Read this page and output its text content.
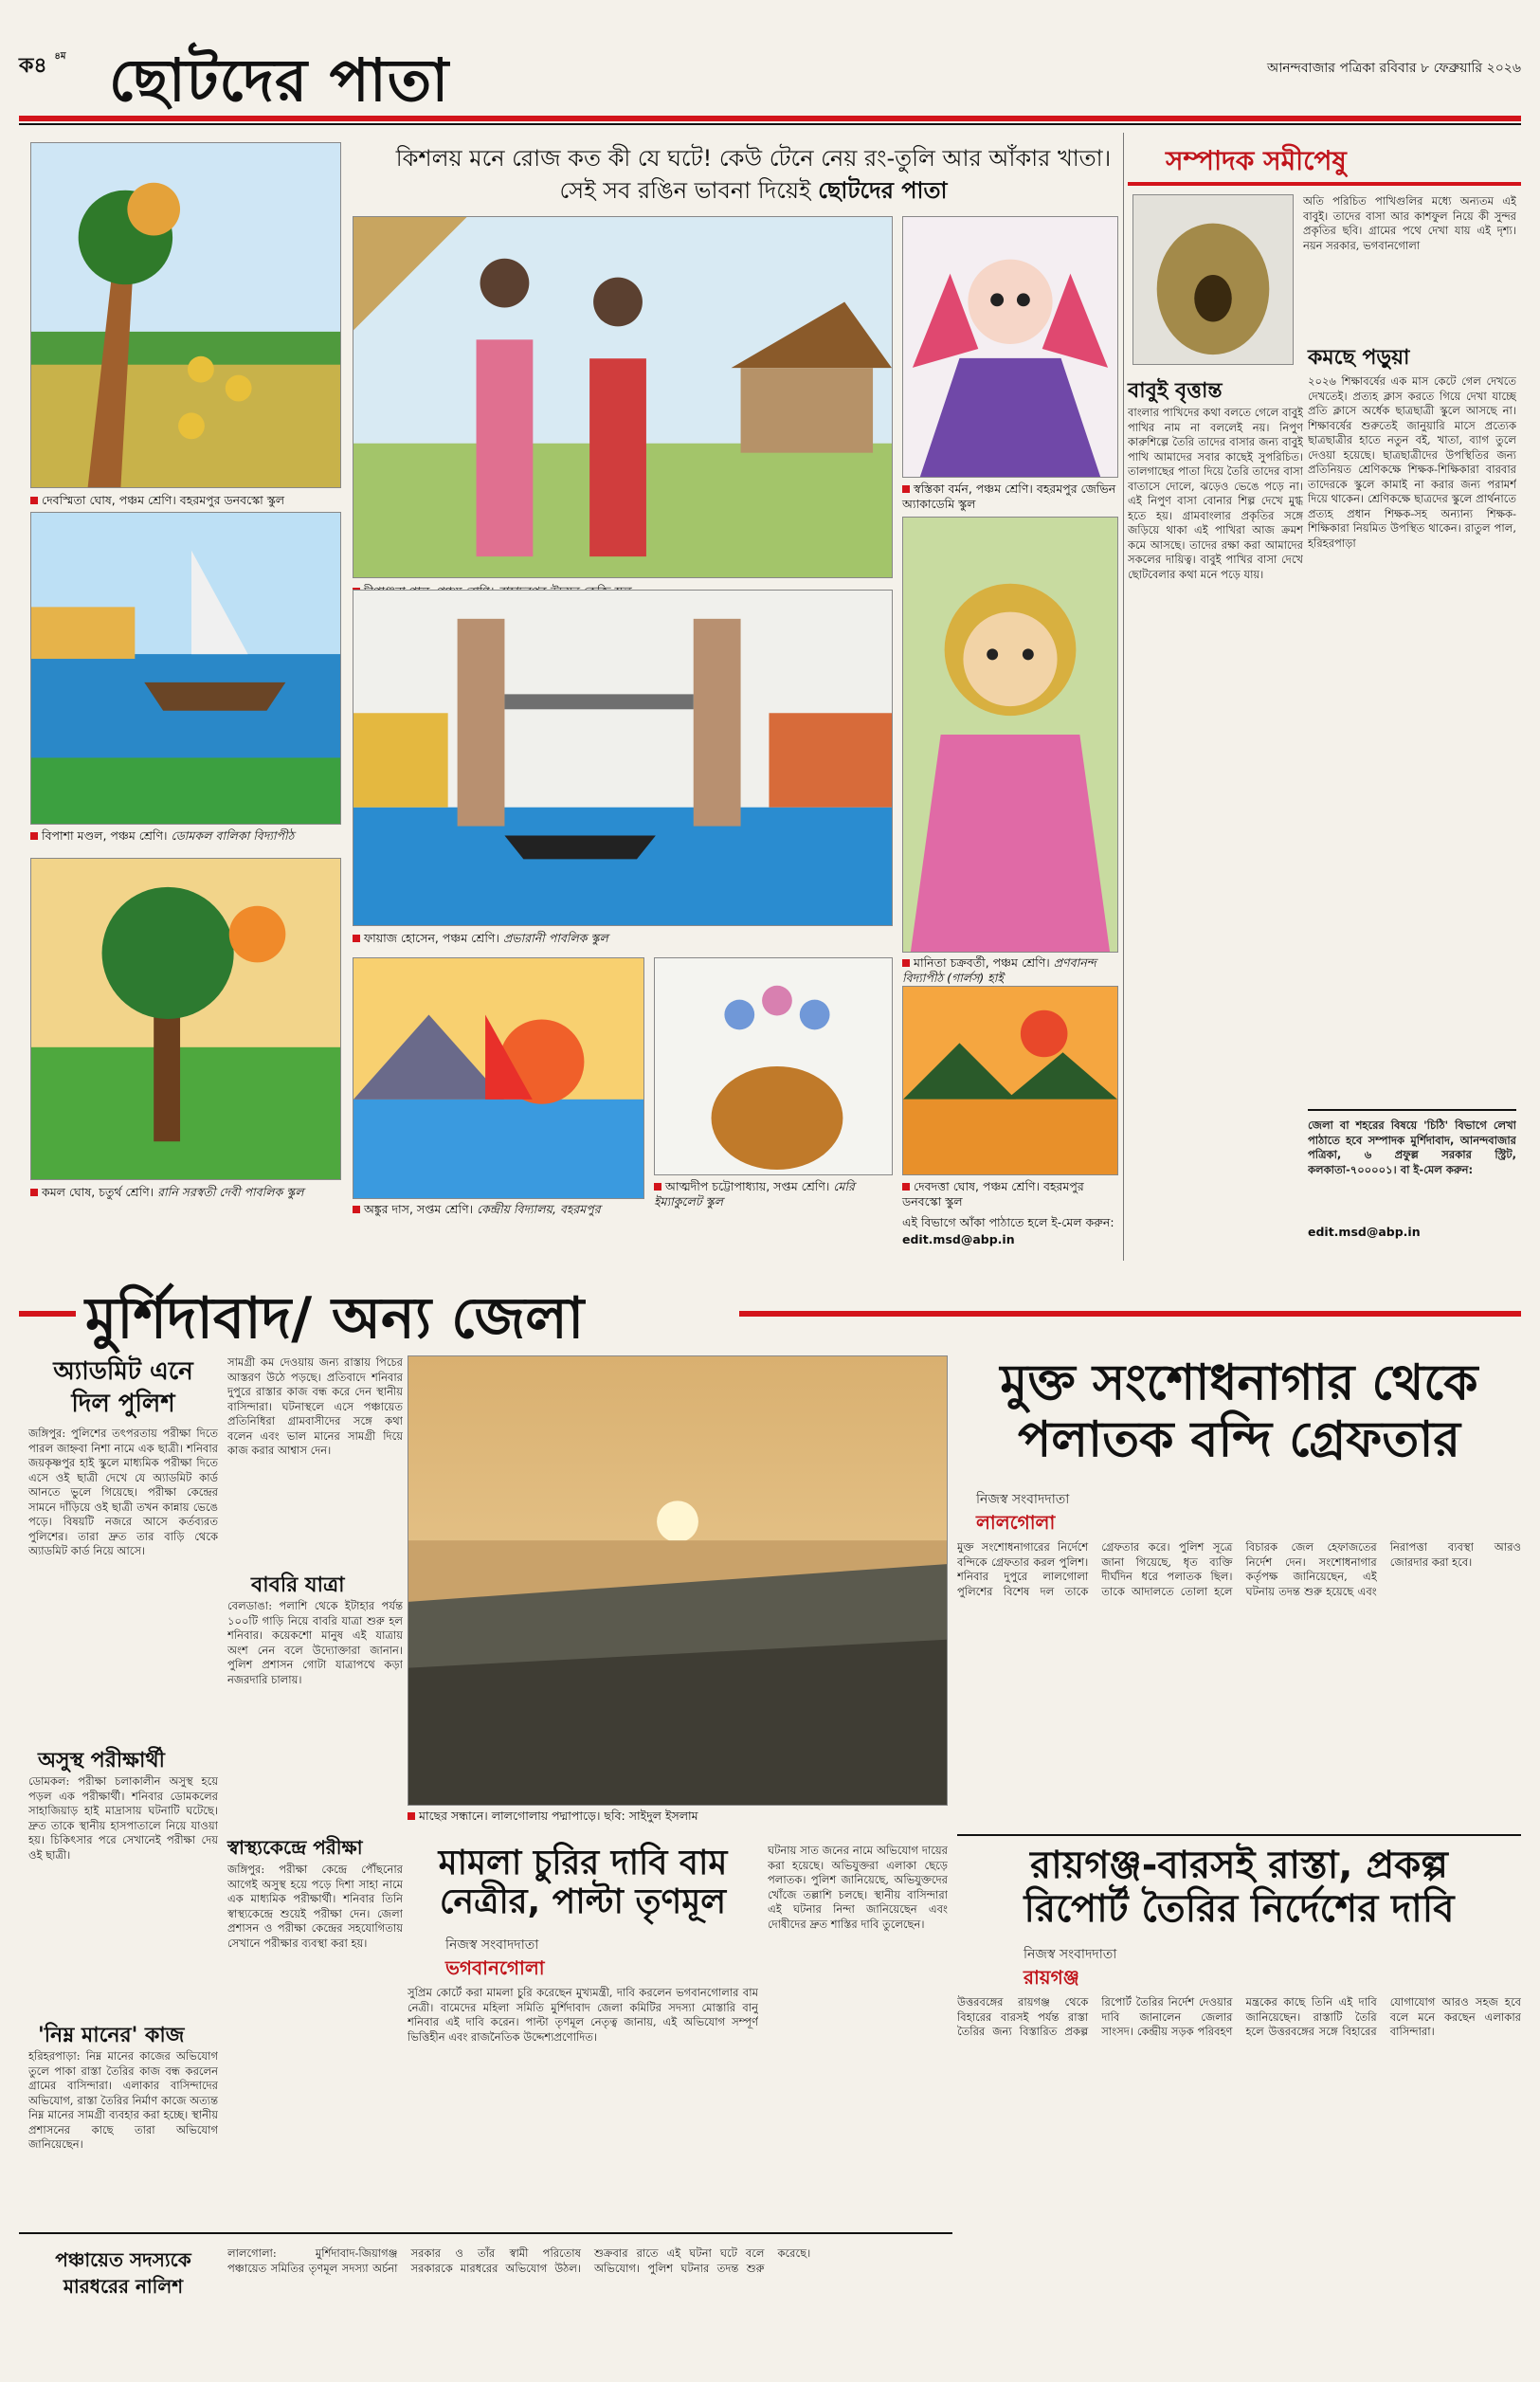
ক৪ $^{৪ম}$ ছোটদের পাতা	আনন্দবাজার পত্রিকা রবিবার ৮ ফেব্রুয়ারি ২০২৬
কিশলয় মনে রোজ কত কী যে ঘটে! কেউ টেনে নেয় রং-তুলি আর আঁকার খাতা।
সেই সব রঙিন ভাবনা দিয়েই ছোটদের পাতা
দেবস্মিতা ঘোষ, পঞ্চম শ্রেণি। বহরমপুর ডনবস্কো স্কুল
স্বস্তিকা বর্মন, পঞ্চম শ্রেণি। বহরমপুর জেভিন অ্যাকাডেমি স্কুল
বিপাশা মণ্ডল, পঞ্চম শ্রেণি। ডোমকল বালিকা বিদ্যাপীঠ
ফায়াজ হোসেন, পঞ্চম শ্রেণি। প্রভারানী পাবলিক স্কুল
মানিতা চক্রবর্তী, পঞ্চম শ্রেণি। প্রণবানন্দ বিদ্যাপীঠ (গার্লস) হাই
কমল ঘোষ, চতুর্থ শ্রেণি। রানি সরস্বতী দেবী পাবলিক স্কুল
অঙ্কুর দাস, সপ্তম শ্রেণি। কেন্দ্রীয় বিদ্যালয়, বহরমপুর
আত্মদীপ চট্টোপাধ্যায়, সপ্তম শ্রেণি। মেরি ইম্যাকুলেট স্কুল
দেবদত্তা ঘোষ, পঞ্চম শ্রেণি। বহরমপুর ডনবস্কো স্কুল
এই বিভাগে আঁকা পাঠাতে হলে ই-মেল করুন:
edit.msd@abp.in
বাবুই বৃত্তান্ত
বাংলার পাখিদের কথা বলতে গেলে বাবুই পাখির নাম না বললেই নয়। নিপুণ কারুশিল্পে তৈরি তাদের বাসার জন্য বাবুই পাখি আমাদের সবার কাছেই সুপরিচিত। তালগাছের পাতা দিয়ে তৈরি তাদের বাসা বাতাসে দোলে, ঝড়েও ভেঙে পড়ে না। এই নিপুণ বাসা বোনার শিল্প দেখে মুগ্ধ হতে হয়। গ্রামবাংলার প্রকৃতির সঙ্গে জড়িয়ে থাকা এই পাখিরা আজ ক্রমশ কমে আসছে। তাদের রক্ষা করা আমাদের সকলের দায়িত্ব। বাবুই পাখির বাসা দেখে ছোটবেলার কথা মনে পড়ে যায়।
সম্পাদক সমীপেষু
অতি পরিচিত পাখিগুলির মধ্যে অন্যতম এই বাবুই। তাদের বাসা আর কাশফুল নিয়ে কী সুন্দর প্রকৃতির ছবি। গ্রামের পথে দেখা যায় এই দৃশ্য। নয়ন সরকার, ভগবানগোলা
কমছে পড়ুয়া
২০২৬ শিক্ষাবর্ষের এক মাস কেটে গেল দেখতে দেখতেই। প্রত্যহ ক্লাস করতে গিয়ে দেখা যাচ্ছে প্রতি ক্লাসে অর্ধেক ছাত্রছাত্রী স্কুলে আসছে না। শিক্ষাবর্ষের শুরুতেই জানুয়ারি মাসে প্রত্যেক ছাত্রছাত্রীর হাতে নতুন বই, খাতা, ব্যাগ তুলে দেওয়া হয়েছে। ছাত্রছাত্রীদের উপস্থিতির জন্য প্রতিনিয়ত শ্রেণিকক্ষে শিক্ষক-শিক্ষিকারা বারবার তাদেরকে স্কুলে কামাই না করার জন্য পরামর্শ দিয়ে থাকেন। শ্রেণিকক্ষে ছাত্রদের স্কুলে প্রার্থনাতে প্রত্যহ প্রধান শিক্ষক-সহ অন্যান্য শিক্ষক-শিক্ষিকারা নিয়মিত উপস্থিত থাকেন। রাতুল পাল, হরিহরপাড়া
জেলা বা শহরের বিষয়ে 'চিঠি' বিভাগে লেখা পাঠাতে হবে সম্পাদক মুর্শিদাবাদ, আনন্দবাজার পত্রিকা, ৬ প্রফুল্ল সরকার স্ট্রিট, কলকাতা-৭০০০০১। বা ই-মেল করুন:
edit.msd@abp.in
মুর্শিদাবাদ/ অন্য জেলা
অ্যাডমিট এনে দিল পুলিশ
জঙ্গিপুর: পুলিশের তৎপরতায় পরীক্ষা দিতে পারল জাহ্নবা নিশা নামে এক ছাত্রী। শনিবার জয়কৃষ্ণপুর হাই স্কুলে মাধ্যমিক পরীক্ষা দিতে এসে ওই ছাত্রী দেখে যে অ্যাডমিট কার্ড আনতে ভুলে গিয়েছে। পরীক্ষা কেন্দ্রের সামনে দাঁড়িয়ে ওই ছাত্রী তখন কান্নায় ভেঙে পড়ে। বিষয়টি নজরে আসে কর্তব্যরত পুলিশের। তারা দ্রুত তার বাড়ি থেকে অ্যাডমিট কার্ড নিয়ে আসে।
অসুস্থ পরীক্ষার্থী
ডোমকল: পরীক্ষা চলাকালীন অসুস্থ হয়ে পড়ল এক পরীক্ষার্থী। শনিবার ডোমকলের সাহাজিয়াড় হাই মাদ্রাসায় ঘটনাটি ঘটেছে। দ্রুত তাকে স্থানীয় হাসপাতালে নিয়ে যাওয়া হয়। চিকিৎসার পরে সেখানেই পরীক্ষা দেয় ওই ছাত্রী।
'নিম্ন মানের' কাজ
হরিহরপাড়া: নিম্ন মানের কাজের অভিযোগ তুলে পাকা রাস্তা তৈরির কাজ বন্ধ করলেন গ্রামের বাসিন্দারা। এলাকার বাসিন্দাদের অভিযোগ, রাস্তা তৈরির নির্মাণ কাজে অত্যন্ত নিম্ন মানের সামগ্রী ব্যবহার করা হচ্ছে। স্থানীয় প্রশাসনের কাছে তারা অভিযোগ জানিয়েছেন।
সামগ্রী কম দেওয়ায় জন্য রাস্তায় পিচের আস্তরণ উঠে পড়ছে। প্রতিবাদে শনিবার দুপুরে রাস্তার কাজ বন্ধ করে দেন স্থানীয় বাসিন্দারা। ঘটনাস্থলে এসে পঞ্চায়েত প্রতিনিধিরা গ্রামবাসীদের সঙ্গে কথা বলেন এবং ভাল মানের সামগ্রী দিয়ে কাজ করার আশ্বাস দেন।
বাবরি যাত্রা
বেলডাঙা: পলাশি থেকে ইটাহার পর্যন্ত ১০০টি গাড়ি নিয়ে বাবরি যাত্রা শুরু হল শনিবার। কয়েকশো মানুষ এই যাত্রায় অংশ নেন বলে উদ্যোক্তারা জানান। পুলিশ প্রশাসন গোটা যাত্রাপথে কড়া নজরদারি চালায়।
স্বাস্থ্যকেন্দ্রে পরীক্ষা
জঙ্গিপুর: পরীক্ষা কেন্দ্রে পৌঁছনোর আগেই অসুস্থ হয়ে পড়ে দিশা সাহা নামে এক মাধ্যমিক পরীক্ষার্থী। শনিবার তিনি স্বাস্থ্যকেন্দ্রে শুয়েই পরীক্ষা দেন। জেলা প্রশাসন ও পরীক্ষা কেন্দ্রের সহযোগিতায় সেখানে পরীক্ষার ব্যবস্থা করা হয়।
মাছের সন্ধানে। লালগোলায় পদ্মাপাড়ে। ছবি: সাইদুল ইসলাম
মামলা চুরির দাবি বাম
নেত্রীর, পাল্টা তৃণমূল
নিজস্ব সংবাদদাতা
ভগবানগোলা
সুপ্রিম কোর্টে করা মামলা চুরি করেছেন মুখ্যমন্ত্রী, দাবি করলেন ভগবানগোলার বাম নেত্রী। বামেদের মহিলা সমিতি মুর্শিদাবাদ জেলা কমিটির সদস্যা মোস্তারি বানু শনিবার এই দাবি করেন। পাল্টা তৃণমূল নেতৃত্ব জানায়, এই অভিযোগ সম্পূর্ণ ভিত্তিহীন এবং রাজনৈতিক উদ্দেশ্যপ্রণোদিত।
ঘটনায় সাত জনের নামে অভিযোগ দায়ের করা হয়েছে। অভিযুক্তরা এলাকা ছেড়ে পলাতক। পুলিশ জানিয়েছে, অভিযুক্তদের খোঁজে তল্লাশি চলছে। স্থানীয় বাসিন্দারা এই ঘটনার নিন্দা জানিয়েছেন এবং দোষীদের দ্রুত শাস্তির দাবি তুলেছেন।
মুক্ত সংশোধনাগার থেকে
পলাতক বন্দি গ্রেফতার
নিজস্ব সংবাদদাতা
লালগোলা
মুক্ত সংশোধনাগারের নির্দেশে বন্দিকে গ্রেফতার করল পুলিশ। শনিবার দুপুরে লালগোলা পুলিশের বিশেষ দল তাকে গ্রেফতার করে। পুলিশ সূত্রে জানা গিয়েছে, ধৃত ব্যক্তি দীর্ঘদিন ধরে পলাতক ছিল। তাকে আদালতে তোলা হলে বিচারক জেল হেফাজতের নির্দেশ দেন। সংশোধনাগার কর্তৃপক্ষ জানিয়েছেন, এই ঘটনায় তদন্ত শুরু হয়েছে এবং নিরাপত্তা ব্যবস্থা আরও জোরদার করা হবে।
রায়গঞ্জ-বারসই রাস্তা, প্রকল্প
রিপোর্ট তৈরির নির্দেশের দাবি
নিজস্ব সংবাদদাতা
রায়গঞ্জ
উত্তরবঙ্গের রায়গঞ্জ থেকে বিহারের বারসই পর্যন্ত রাস্তা তৈরির জন্য বিস্তারিত প্রকল্প রিপোর্ট তৈরির নির্দেশ দেওয়ার দাবি জানালেন জেলার সাংসদ। কেন্দ্রীয় সড়ক পরিবহণ মন্ত্রকের কাছে তিনি এই দাবি জানিয়েছেন। রাস্তাটি তৈরি হলে উত্তরবঙ্গের সঙ্গে বিহারের যোগাযোগ আরও সহজ হবে বলে মনে করছেন এলাকার বাসিন্দারা।
পঞ্চায়েত সদস্যকে মারধরের নালিশ
লালগোলা: মুর্শিদাবাদ-জিয়াগঞ্জ পঞ্চায়েত সমিতির তৃণমূল সদস্যা অর্চনা সরকার ও তাঁর স্বামী পরিতোষ সরকারকে মারধরের অভিযোগ উঠল। শুক্রবার রাতে এই ঘটনা ঘটে বলে অভিযোগ। পুলিশ ঘটনার তদন্ত শুরু করেছে।
